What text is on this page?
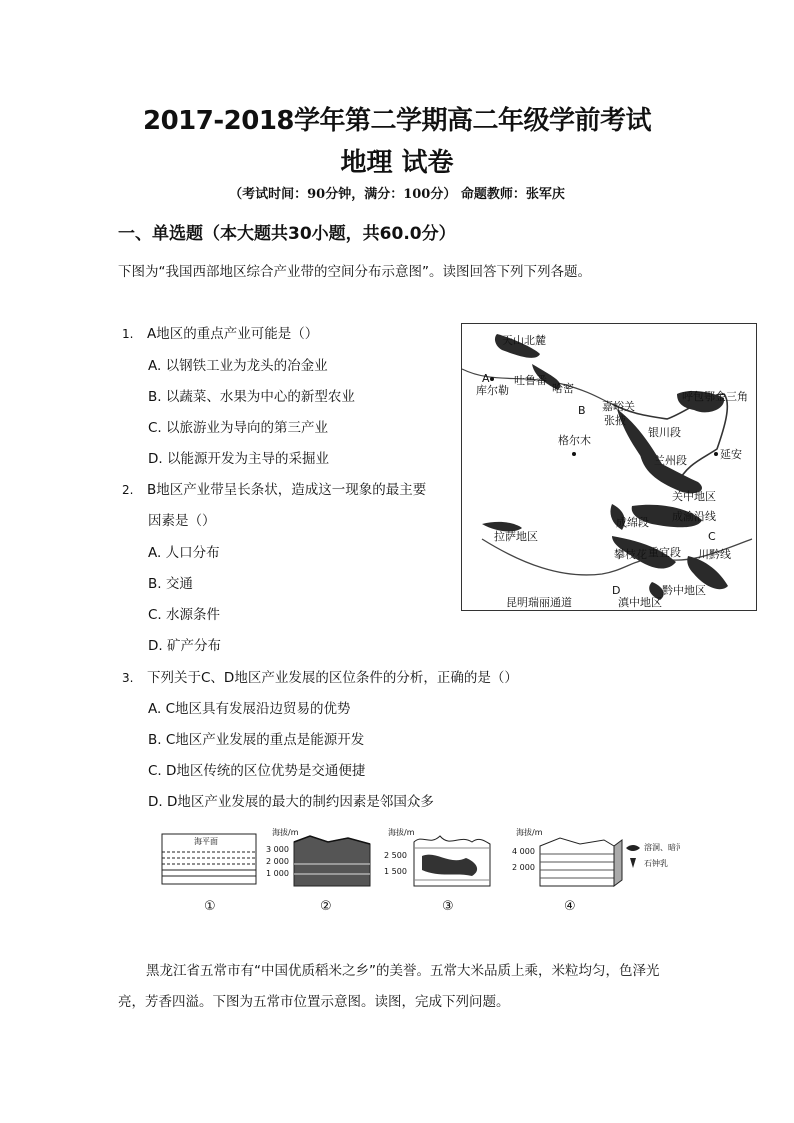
2017-2018学年第二学期高二年级学前考试
地理 试卷
（考试时间：90分钟，满分：100分） 命题教师：张军庆
一、单选题（本大题共30小题，共60.0分）
下图为“我国西部地区综合产业带的空间分布示意图”。读图回答下列下列各题。
1. A地区的重点产业可能是（）
A. 以钢铁工业为龙头的冶金业
B. 以蔬菜、水果为中心的新型农业
C. 以旅游业为导向的第三产业
D. 以能源开发为主导的采掘业
2. B地区产业带呈长条状，造成这一现象的最主要
因素是（）
A. 人口分布
B. 交通
C. 水源条件
D. 矿产分布
3. 下列关于C、D地区产业发展的区位条件的分析，正确的是（）
A. C地区具有发展沿边贸易的优势
B. C地区产业发展的重点是能源开发
C. D地区传统的区位优势是交通便捷
D. D地区产业发展的最大的制约因素是邻国众多
天山北麓
A
库尔勒
吐鲁番
哈密
B 嘉峪关
张掖
银川段
呼包鄂金三角
格尔木
兰州段	延安
关中地区
成绵段 成渝沿线
拉萨地区	C
攀枝花 重宜段 川黔线
D
昆明瑞丽通道	滇中地区
黔中地区
海平面
①
海拔/m
3 000
2 000
1 000
②
海拔/m
2 500
1 500
③
海拔/m
4 000
2 000
④
溶洞、暗河
石钟乳
黑龙江省五常市有“中国优质稻米之乡”的美誉。五常大米品质上乘，米粒均匀，色泽光亮，芳香四溢。下图为五常市位置示意图。读图，完成下列问题。
